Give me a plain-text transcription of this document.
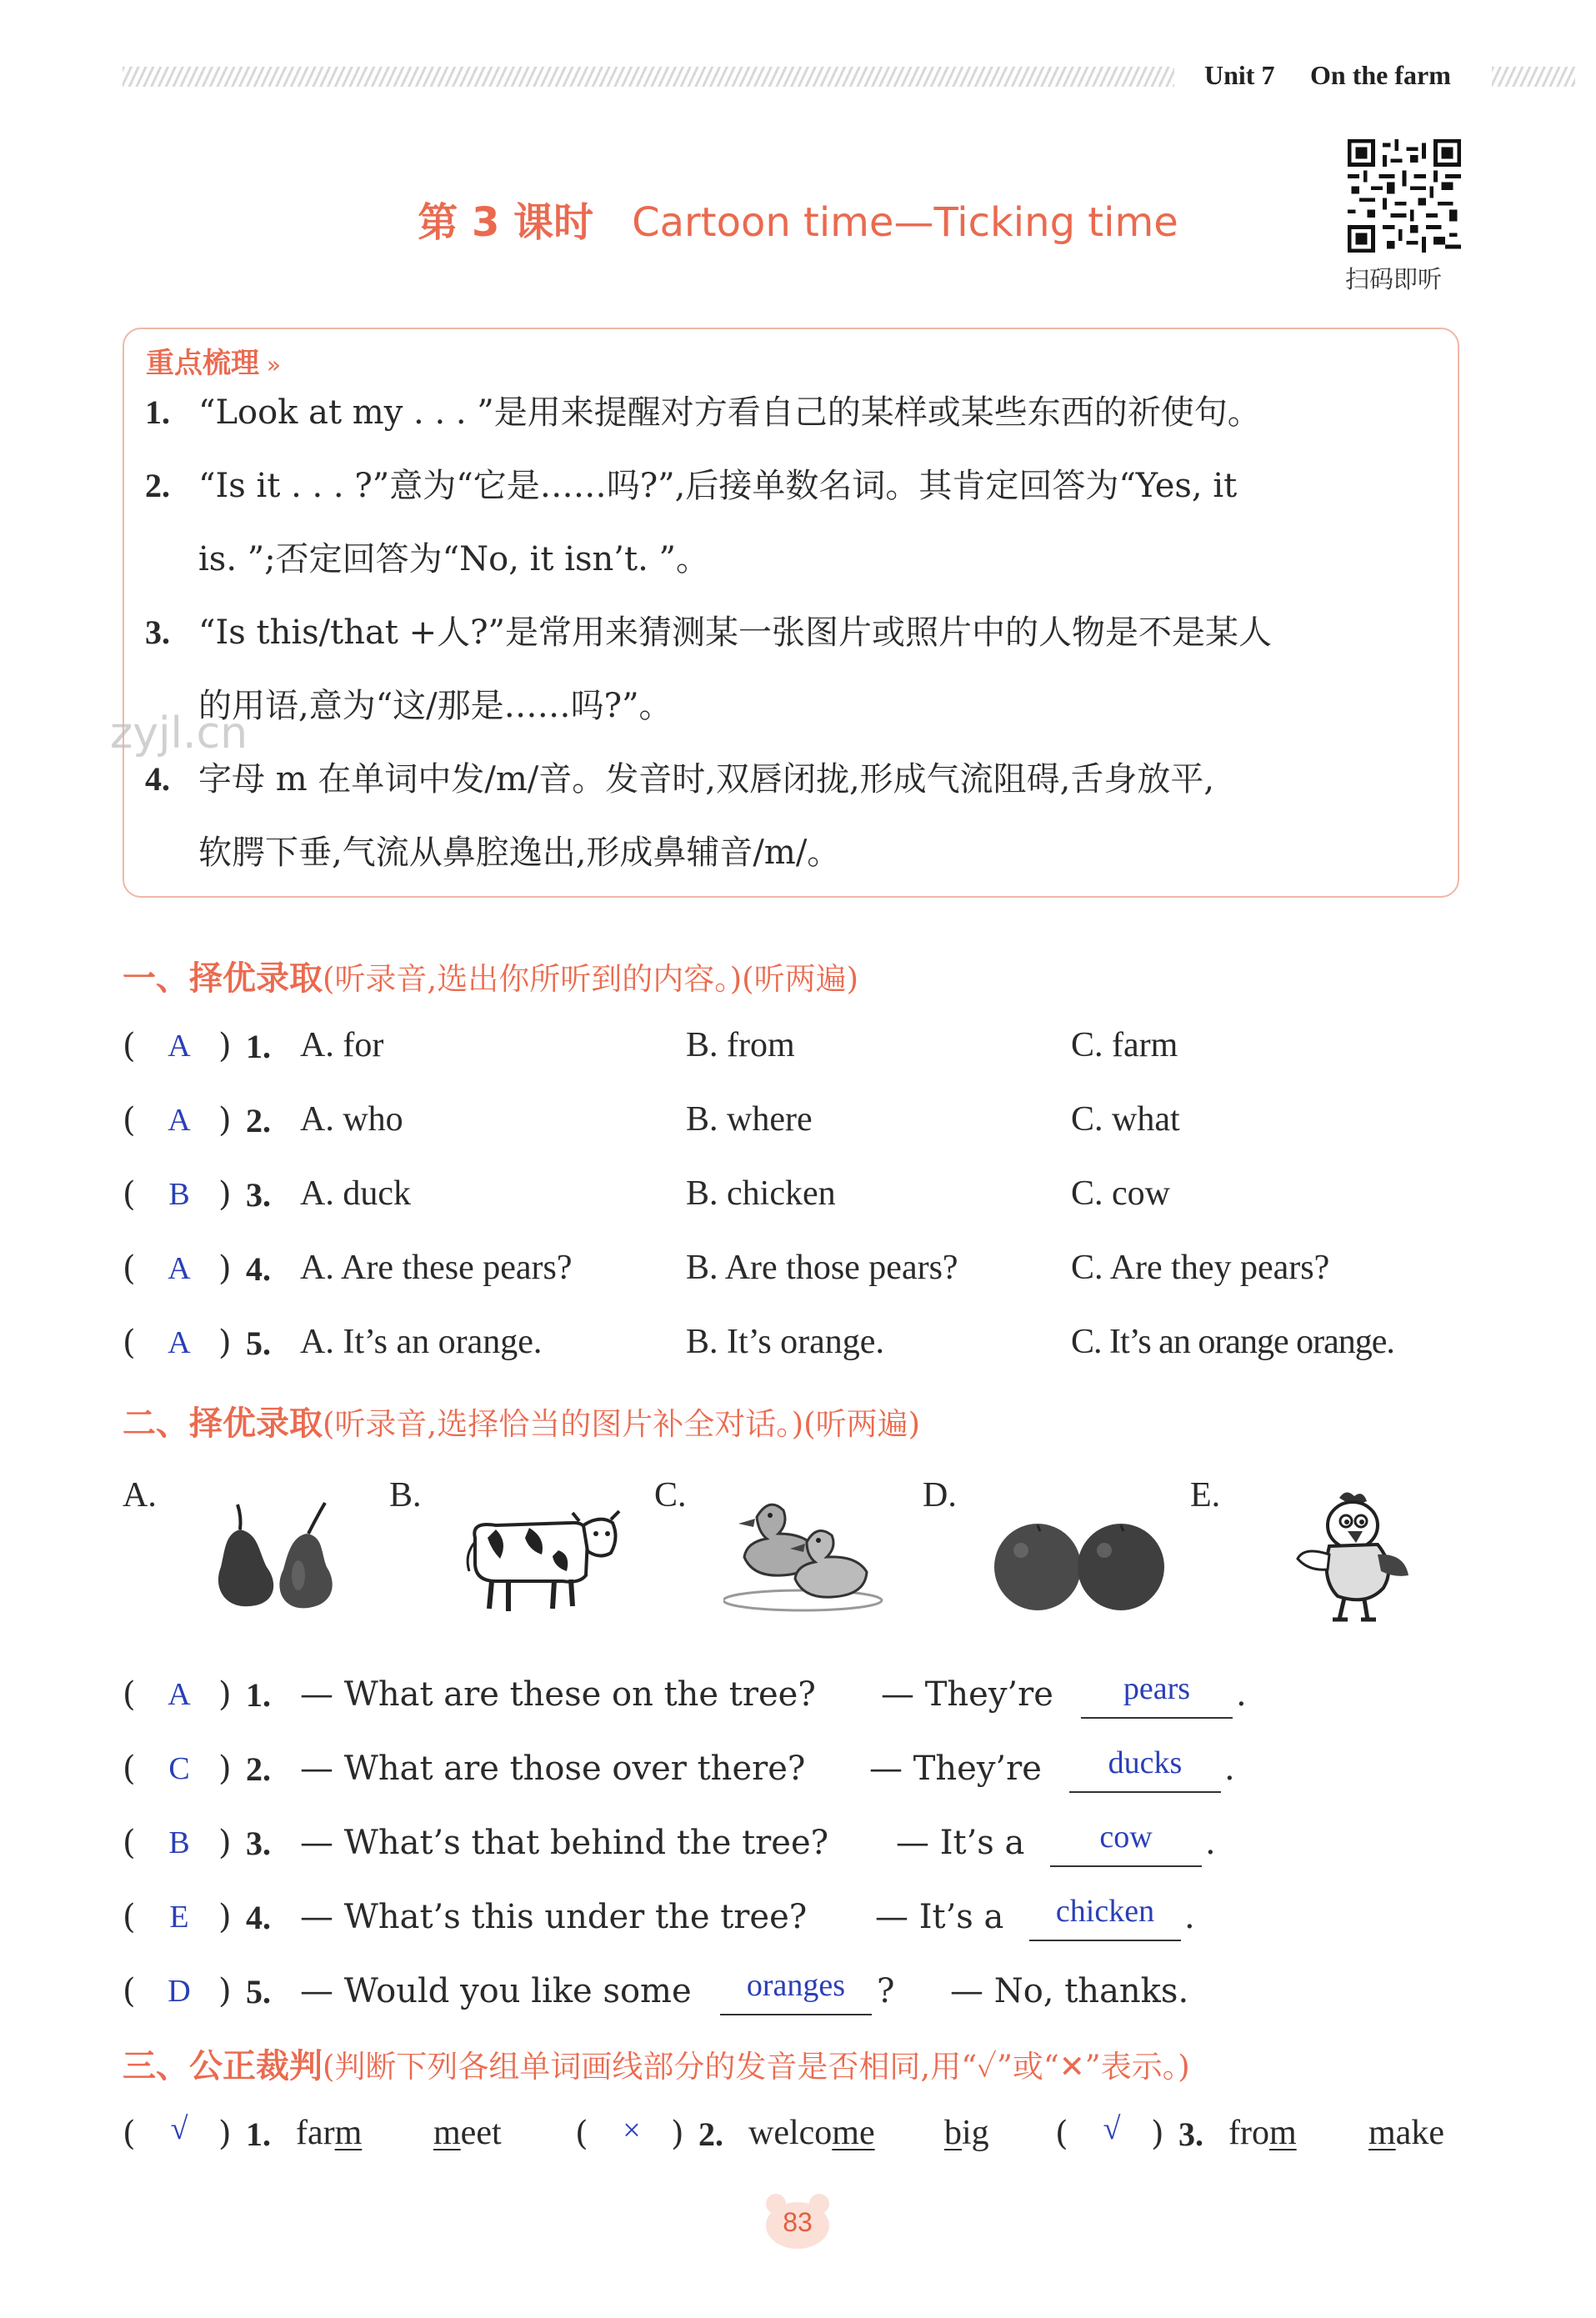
Unit 7 On the farm
第 3 课时 Cartoon time—Ticking time
扫码即听
重点梳理 »
1. “Look at my . . . ”是用来提醒对方看自己的某样或某些东西的祈使句。
2. “Is it . . . ?”意为“它是……吗?”,后接单数名词。其肯定回答为“Yes, it
is. ”;否定回答为“No, it isn’t. ”。
3. “Is this/that +人?”是常用来猜测某一张图片或照片中的人物是不是某人
的用语,意为“这/那是……吗?”。
4. 字母 m 在单词中发/m/音。发音时,双唇闭拢,形成气流阻碍,舌身放平,
软腭下垂,气流从鼻腔逸出,形成鼻辅音/m/。
zyjl.cn
一、择优录取(听录音,选出你所听到的内容。)(听两遍)
( A ) 1. A. for	B. from	C. farm
( A ) 2. A. who	B. where	C. what
( B ) 3. A. duck	B. chicken	C. cow
( A ) 4. A. Are these pears?	B. Are those pears?	C. Are they pears?
( A ) 5. A. It’s an orange.	B. It’s orange.	C. It’s an orange orange.
二、择优录取(听录音,选择恰当的图片补全对话。)(听两遍)
A.	B.	C.	D.	E.
( A ) 1. — What are these on the tree? — They’re	pears	.
( C ) 2. — What are those over there? — They’re	ducks	.
( B ) 3. — What’s that behind the tree? — It’s a	cow	.
( E ) 4. — What’s this under the tree? — It’s a	chicken .
( D ) 5. — Would you like some	oranges ? — No, thanks.
三、公正裁判(判断下列各组单词画线部分的发音是否相同,用“✓”或“✕”表示。)
( √ ) 1. farm meet ( × ) 2. welcome big ( √ ) 3. from make
83
